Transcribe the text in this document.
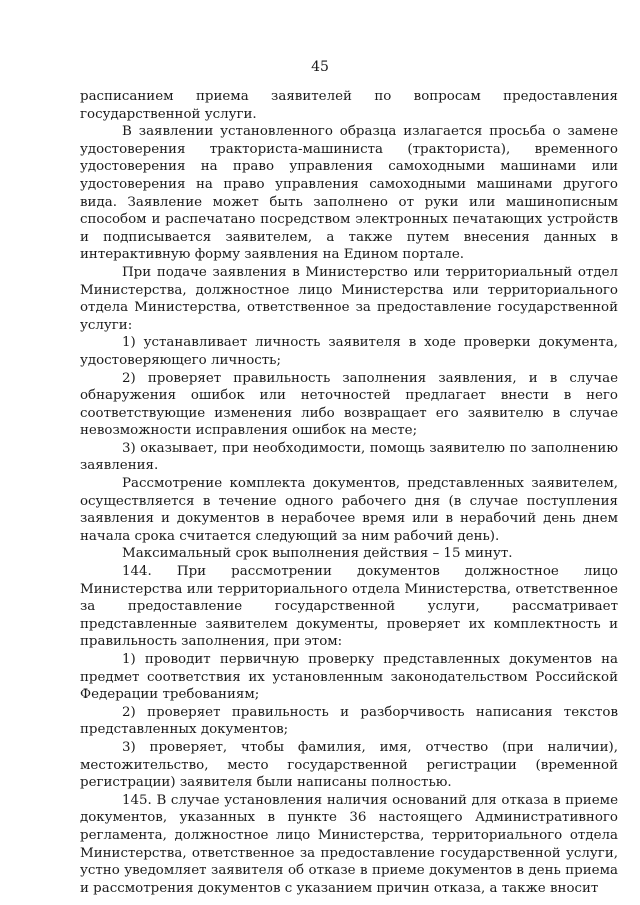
45

расписанием приема заявителей по вопросам предоставления государственной услуги.

В заявлении установленного образца излагается просьба о замене удостоверения тракториста-машиниста (тракториста), временного удостоверения на право управления самоходными машинами или удостоверения на право управления самоходными машинами другого вида. Заявление может быть заполнено от руки или машинописным способом и распечатано посредством электронных печатающих устройств и подписывается заявителем, а также путем внесения данных в интерактивную форму заявления на Едином портале.

При подаче заявления в Министерство или территориальный отдел Министерства, должностное лицо Министерства или территориального отдела Министерства, ответственное за предоставление государственной услуги:

1) устанавливает личность заявителя в ходе проверки документа, удостоверяющего личность;

2) проверяет правильность заполнения заявления, и в случае обнаружения ошибок или неточностей предлагает внести в него соответствующие изменения либо возвращает его заявителю в случае невозможности исправления ошибок на месте;

3) оказывает, при необходимости, помощь заявителю по заполнению заявления.

Рассмотрение комплекта документов, представленных заявителем, осуществляется в течение одного рабочего дня (в случае поступления заявления и документов в нерабочее время или в нерабочий день днем начала срока считается следующий за ним рабочий день).

Максимальный срок выполнения действия – 15 минут.

144. При рассмотрении документов должностное лицо Министерства или территориального отдела Министерства, ответственное за предоставление государственной услуги, рассматривает представленные заявителем документы, проверяет их комплектность и правильность заполнения, при этом:

1) проводит первичную проверку представленных документов на предмет соответствия их установленным законодательством Российской Федерации требованиям;

2) проверяет правильность и разборчивость написания текстов представленных документов;

3) проверяет, чтобы фамилия, имя, отчество (при наличии), местожительство, место государственной регистрации (временной регистрации) заявителя были написаны полностью.

145. В случае установления наличия оснований для отказа в приеме документов, указанных в пункте 36 настоящего Административного регламента, должностное лицо Министерства, территориального отдела Министерства, ответственное за предоставление государственной услуги, устно уведомляет заявителя об отказе в приеме документов в день приема и рассмотрения документов с указанием причин отказа, а также вносит
